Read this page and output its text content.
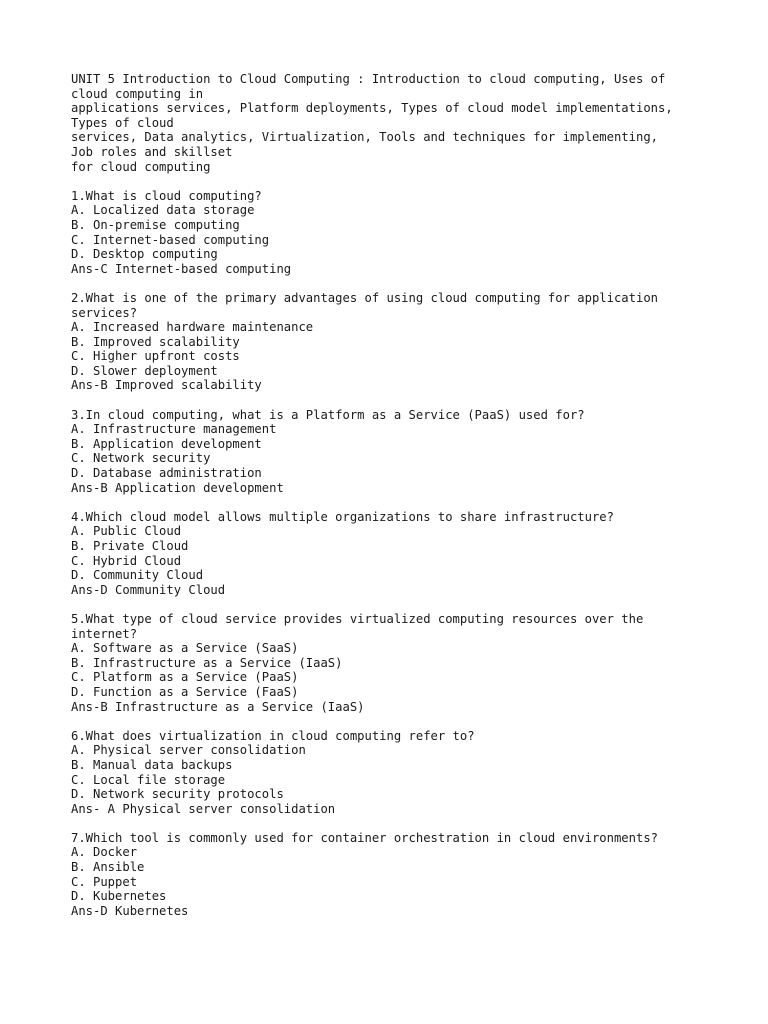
UNIT 5 Introduction to Cloud Computing : Introduction to cloud computing, Uses of
cloud computing in
applications services, Platform deployments, Types of cloud model implementations,
Types of cloud
services, Data analytics, Virtualization, Tools and techniques for implementing,
Job roles and skillset
for cloud computing
1.What is cloud computing?
A. Localized data storage
B. On-premise computing
C. Internet-based computing
D. Desktop computing
Ans-C Internet-based computing
2.What is one of the primary advantages of using cloud computing for application
services?
A. Increased hardware maintenance
B. Improved scalability
C. Higher upfront costs
D. Slower deployment
Ans-B Improved scalability
3.In cloud computing, what is a Platform as a Service (PaaS) used for?
A. Infrastructure management
B. Application development
C. Network security
D. Database administration
Ans-B Application development
4.Which cloud model allows multiple organizations to share infrastructure?
A. Public Cloud
B. Private Cloud
C. Hybrid Cloud
D. Community Cloud
Ans-D Community Cloud
5.What type of cloud service provides virtualized computing resources over the
internet?
A. Software as a Service (SaaS)
B. Infrastructure as a Service (IaaS)
C. Platform as a Service (PaaS)
D. Function as a Service (FaaS)
Ans-B Infrastructure as a Service (IaaS)
6.What does virtualization in cloud computing refer to?
A. Physical server consolidation
B. Manual data backups
C. Local file storage
D. Network security protocols
Ans- A Physical server consolidation
7.Which tool is commonly used for container orchestration in cloud environments?
A. Docker
B. Ansible
C. Puppet
D. Kubernetes
Ans-D Kubernetes
